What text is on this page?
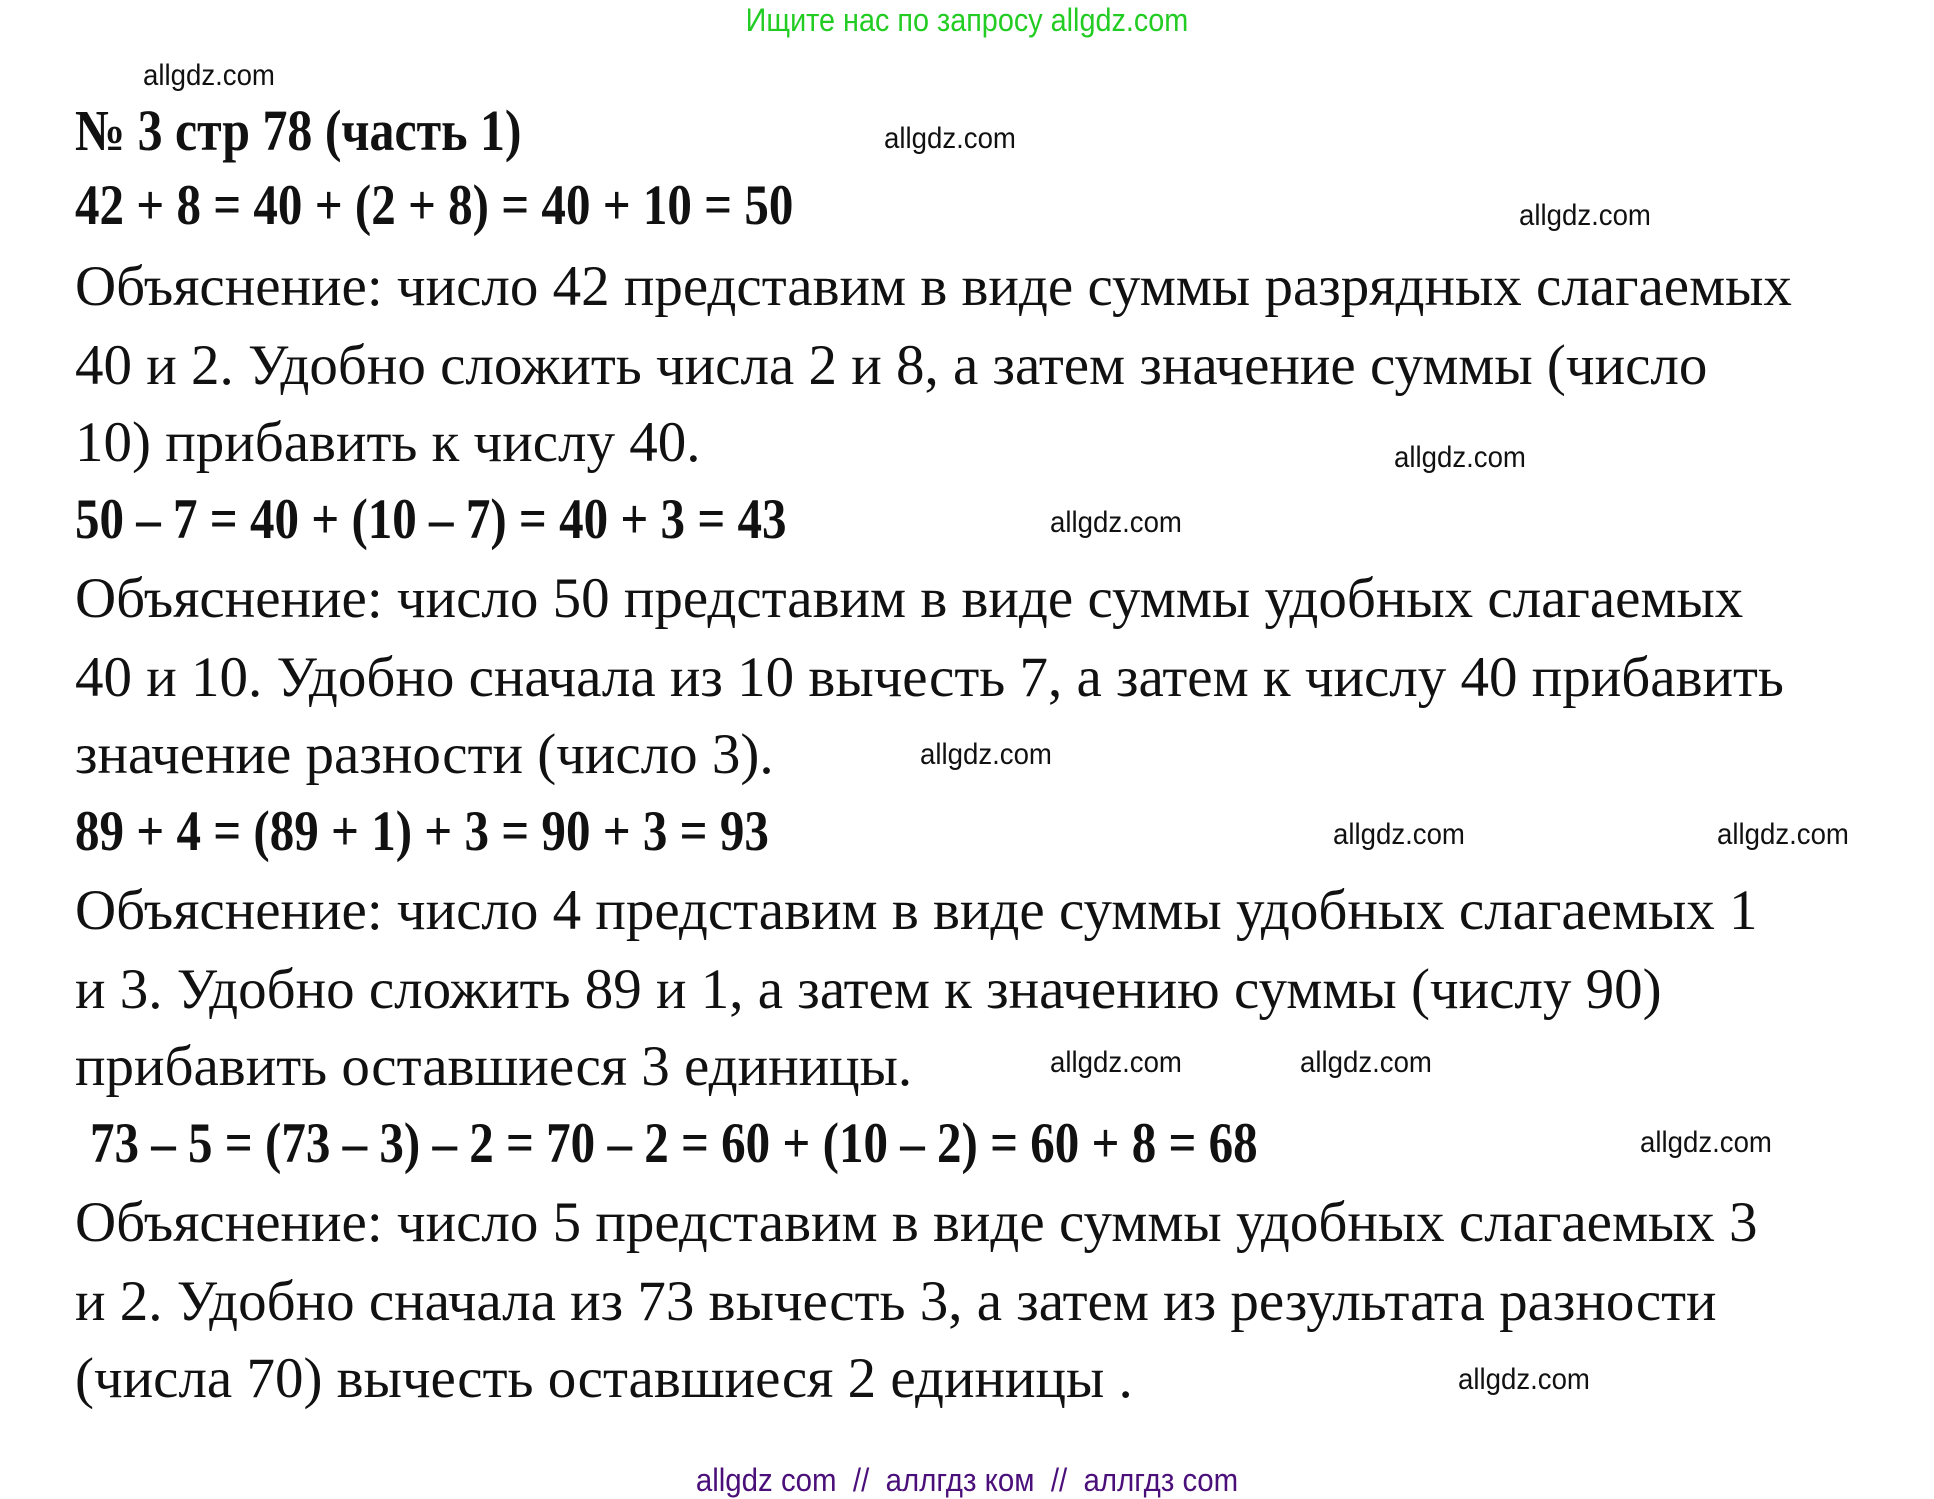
Ищите нас по запросу allgdz.com
№ 3 стр 78 (часть 1)
42 + 8 = 40 + (2 + 8) = 40 + 10 = 50
Объяснение: число 42 представим в виде суммы разрядных слагаемых
40 и 2. Удобно сложить числа 2 и 8, а затем значение суммы (число
10) прибавить к числу 40.
50 – 7 = 40 + (10 – 7) = 40 + 3 = 43
Объяснение: число 50 представим в виде суммы удобных слагаемых
40 и 10. Удобно сначала из 10 вычесть 7, а затем к числу 40 прибавить
значение разности (число 3).
89 + 4 = (89 + 1) + 3 = 90 + 3 = 93
Объяснение: число 4 представим в виде суммы удобных слагаемых 1
и 3. Удобно сложить 89 и 1, а затем к значению суммы (числу 90)
прибавить оставшиеся 3 единицы.
73 – 5 = (73 – 3) – 2 = 70 – 2 = 60 + (10 – 2) = 60 + 8 = 68
Объяснение: число 5 представим в виде суммы удобных слагаемых 3
и 2. Удобно сначала из 73 вычесть 3, а затем из результата разности
(числа 70) вычесть оставшиеся 2 единицы .
allgdz.com
allgdz.com
allgdz.com
allgdz.com
allgdz.com
allgdz.com
allgdz.com	allgdz.com
allgdz.com
allgdz.com
allgdz.com
allgdz.com
allgdz com  //  аллгдз ком  //  аллгдз com
